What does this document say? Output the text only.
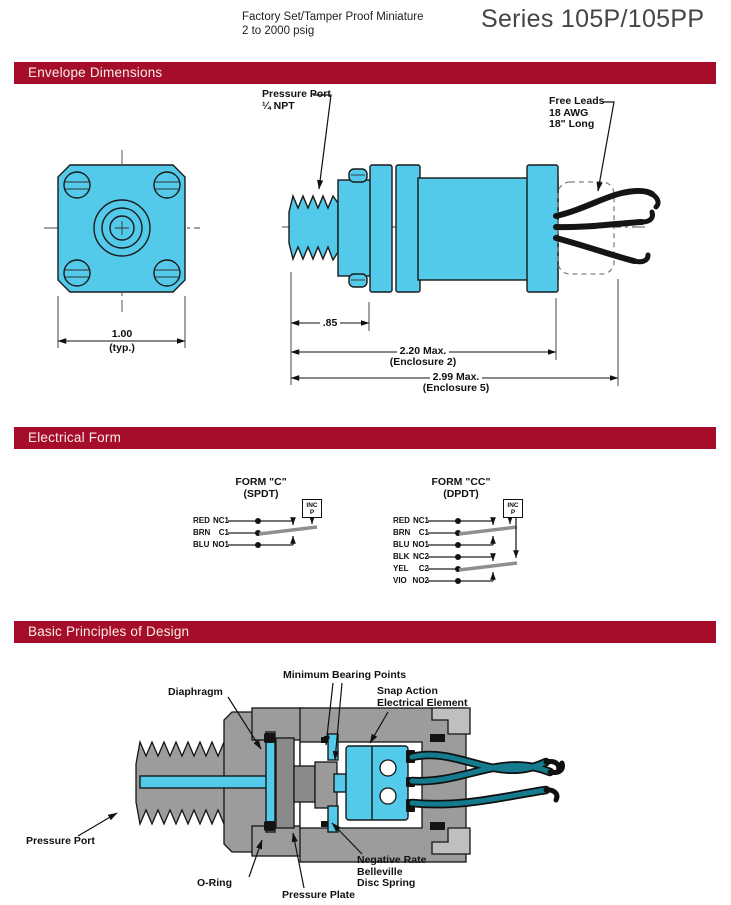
Factory Set/Tamper Proof Miniature
2 to 2000 psig	Series 105P/105PP
Envelope Dimensions
Pressure Port
¼ NPT	Free Leads
18 AWG
18" Long
1.00
(typ.)
.85
2.20 Max.
(Enclosure 2)
2.99 Max.
(Enclosure 5)
Electrical Form
FORM "C"
(SPDT)
INC
P
RED NC1
BRN C1
BLU NO1
FORM "CC"
(DPDT)
INC
P
RED NC1
BRN C1
BLU NO1
BLK NC2
YEL C2
VIO NO2
Basic Principles of Design
Diaphragm
Minimum Bearing Points
Snap Action
Electrical Element
Pressure Port
O-Ring
Pressure Plate
Negative Rate
Belleville
Disc Spring
